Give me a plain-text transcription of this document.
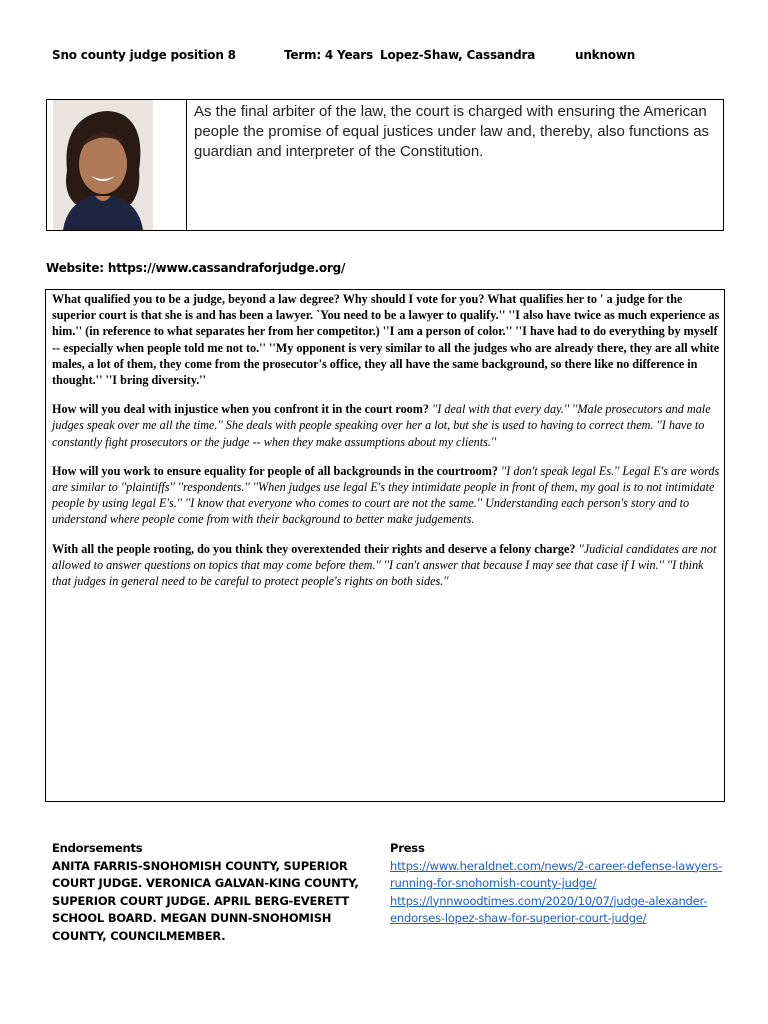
Sno county judge position 8	Term: 4 Years Lopez-Shaw, Cassandra	unknown
As the final arbiter of the law, the court is charged with ensuring the American people the promise of equal justices under law and, thereby, also functions as guardian and interpreter of the Constitution.
Website: https://www.cassandraforjudge.org/

What qualified you to be a judge, beyond a law degree? Why should I vote for you? What qualifies her to ' a judge for the superior court is that she is and has been a lawyer. `You need to be a lawyer to qualify.'' ''I also have twice as much experience as him.'' (in reference to what separates her from her competitor.) ''I am a person of color.'' ''I have had to do everything by myself -- especially when people told me not to.'' ''My opponent is very similar to all the judges who are already there, they are all white males, a lot of them, they come from the prosecutor's office, they all have the same background, so there like no difference in thought.'' ''I bring diversity.''

How will you deal with injustice when you confront it in the court room? ''I deal with that every day.'' ''Male prosecutors and male judges speak over me all the time.'' She deals with people speaking over her a lot, but she is used to having to correct them. ''I have to constantly fight prosecutors or the judge -- when they make assumptions about my clients.''

How will you work to ensure equality for people of all backgrounds in the courtroom? ''I don't speak legal Es.'' Legal E's are words are similar to ''plaintiffs'' ''respondents.'' ''When judges use legal E's they intimidate people in front of them, my goal is to not intimidate people by using legal E's.'' ''I know that everyone who comes to court are not the same.'' Understanding each person's story and to understand where people come from with their background to better make judgements.

With all the people rooting, do you think they overextended their rights and deserve a felony charge? ''Judicial candidates are not allowed to answer questions on topics that may come before them.'' ''I can't answer that because I may see that case if I win.'' ''I think that judges in general need to be careful to protect people's rights on both sides.''

Endorsements
ANITA FARRIS-SNOHOMISH COUNTY, SUPERIOR COURT JUDGE. VERONICA GALVAN-KING COUNTY, SUPERIOR COURT JUDGE. APRIL BERG-EVERETT SCHOOL BOARD. MEGAN DUNN-SNOHOMISH COUNTY, COUNCILMEMBER.
Press
https://www.heraldnet.com/news/2-career-defense-lawyers-running-for-snohomish-county-judge/
https://lynnwoodtimes.com/2020/10/07/judge-alexander-endorses-lopez-shaw-for-superior-court-judge/
